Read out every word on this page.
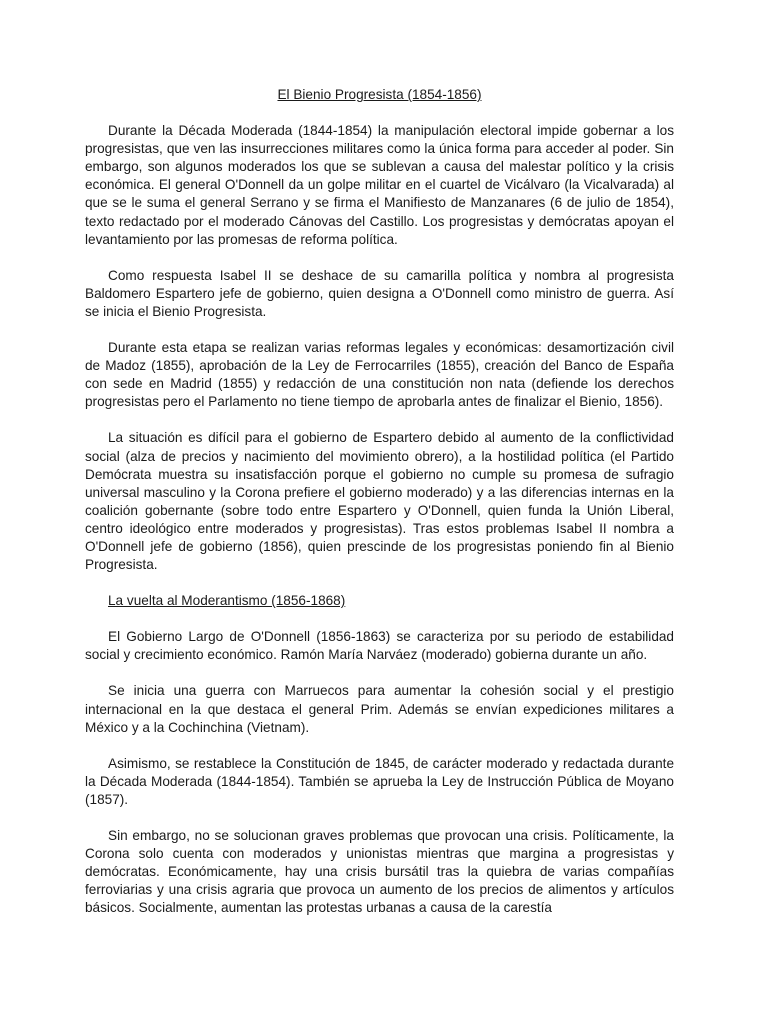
El Bienio Progresista (1854-1856)

Durante la Década Moderada (1844-1854) la manipulación electoral impide gobernar a los progresistas, que ven las insurrecciones militares como la única forma para acceder al poder. Sin embargo, son algunos moderados los que se sublevan a causa del malestar político y la crisis económica. El general O'Donnell da un golpe militar en el cuartel de Vicálvaro (la Vicalvarada) al que se le suma el general Serrano y se firma el Manifiesto de Manzanares (6 de julio de 1854), texto redactado por el moderado Cánovas del Castillo. Los progresistas y demócratas apoyan el levantamiento por las promesas de reforma política.

Como respuesta Isabel II se deshace de su camarilla política y nombra al progresista Baldomero Espartero jefe de gobierno, quien designa a O'Donnell como ministro de guerra. Así se inicia el Bienio Progresista.

Durante esta etapa se realizan varias reformas legales y económicas: desamortización civil de Madoz (1855), aprobación de la Ley de Ferrocarriles (1855), creación del Banco de España con sede en Madrid (1855) y redacción de una constitución non nata (defiende los derechos progresistas pero el Parlamento no tiene tiempo de aprobarla antes de finalizar el Bienio, 1856).

La situación es difícil para el gobierno de Espartero debido al aumento de la conflictividad social (alza de precios y nacimiento del movimiento obrero), a la hostilidad política (el Partido Demócrata muestra su insatisfacción porque el gobierno no cumple su promesa de sufragio universal masculino y la Corona prefiere el gobierno moderado) y a las diferencias internas en la coalición gobernante (sobre todo entre Espartero y O'Donnell, quien funda la Unión Liberal, centro ideológico entre moderados y progresistas). Tras estos problemas Isabel II nombra a O'Donnell jefe de gobierno (1856), quien prescinde de los progresistas poniendo fin al Bienio Progresista.

La vuelta al Moderantismo (1856-1868)

El Gobierno Largo de O'Donnell (1856-1863) se caracteriza por su periodo de estabilidad social y crecimiento económico. Ramón María Narváez (moderado) gobierna durante un año.

Se inicia una guerra con Marruecos para aumentar la cohesión social y el prestigio internacional en la que destaca el general Prim. Además se envían expediciones militares a México y a la Cochinchina (Vietnam).

Asimismo, se restablece la Constitución de 1845, de carácter moderado y redactada durante la Década Moderada (1844-1854). También se aprueba la Ley de Instrucción Pública de Moyano (1857).

Sin embargo, no se solucionan graves problemas que provocan una crisis. Políticamente, la Corona solo cuenta con moderados y unionistas mientras que margina a progresistas y demócratas. Económicamente, hay una crisis bursátil tras la quiebra de varias compañías ferroviarias y una crisis agraria que provoca un aumento de los precios de alimentos y artículos básicos. Socialmente, aumentan las protestas urbanas a causa de la carestía
